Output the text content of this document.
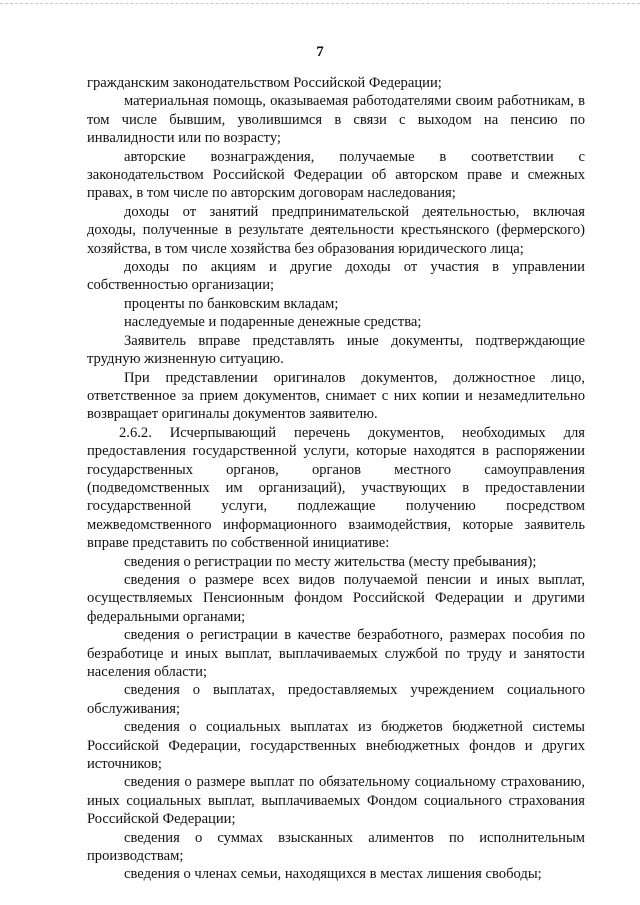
7

гражданским законодательством Российской Федерации;

материальная помощь, оказываемая работодателями своим работникам, в том числе бывшим, уволившимся в связи с выходом на пенсию по инвалидности или по возрасту;

авторские вознаграждения, получаемые в соответствии с законодательством Российской Федерации об авторском праве и смежных правах, в том числе по авторским договорам наследования;

доходы от занятий предпринимательской деятельностью, включая доходы, полученные в результате деятельности крестьянского (фермерского) хозяйства, в том числе хозяйства без образования юридического лица;

доходы по акциям и другие доходы от участия в управлении собственностью организации;

проценты по банковским вкладам;

наследуемые и подаренные денежные средства;

Заявитель вправе представлять иные документы, подтверждающие трудную жизненную ситуацию.

При представлении оригиналов документов, должностное лицо, ответственное за прием документов, снимает с них копии и незамедлительно возвращает оригиналы документов заявителю.

2.6.2. Исчерпывающий перечень документов, необходимых для предоставления государственной услуги, которые находятся в распоряжении государственных органов, органов местного самоуправления (подведомственных им организаций), участвующих в предоставлении государственной услуги, подлежащие получению посредством межведомственного информационного взаимодействия, которые заявитель вправе представить по собственной инициативе:

сведения о регистрации по месту жительства (месту пребывания);

сведения о размере всех видов получаемой пенсии и иных выплат, осуществляемых Пенсионным фондом Российской Федерации и другими федеральными органами;

сведения о регистрации в качестве безработного, размерах пособия по безработице и иных выплат, выплачиваемых службой по труду и занятости населения области;

сведения о выплатах, предоставляемых учреждением социального обслуживания;

сведения о социальных выплатах из бюджетов бюджетной системы Российской Федерации, государственных внебюджетных фондов и других источников;

сведения о размере выплат по обязательному социальному страхованию, иных социальных выплат, выплачиваемых Фондом социального страхования Российской Федерации;

сведения о суммах взысканных алиментов по исполнительным производствам;

сведения о членах семьи, находящихся в местах лишения свободы;
